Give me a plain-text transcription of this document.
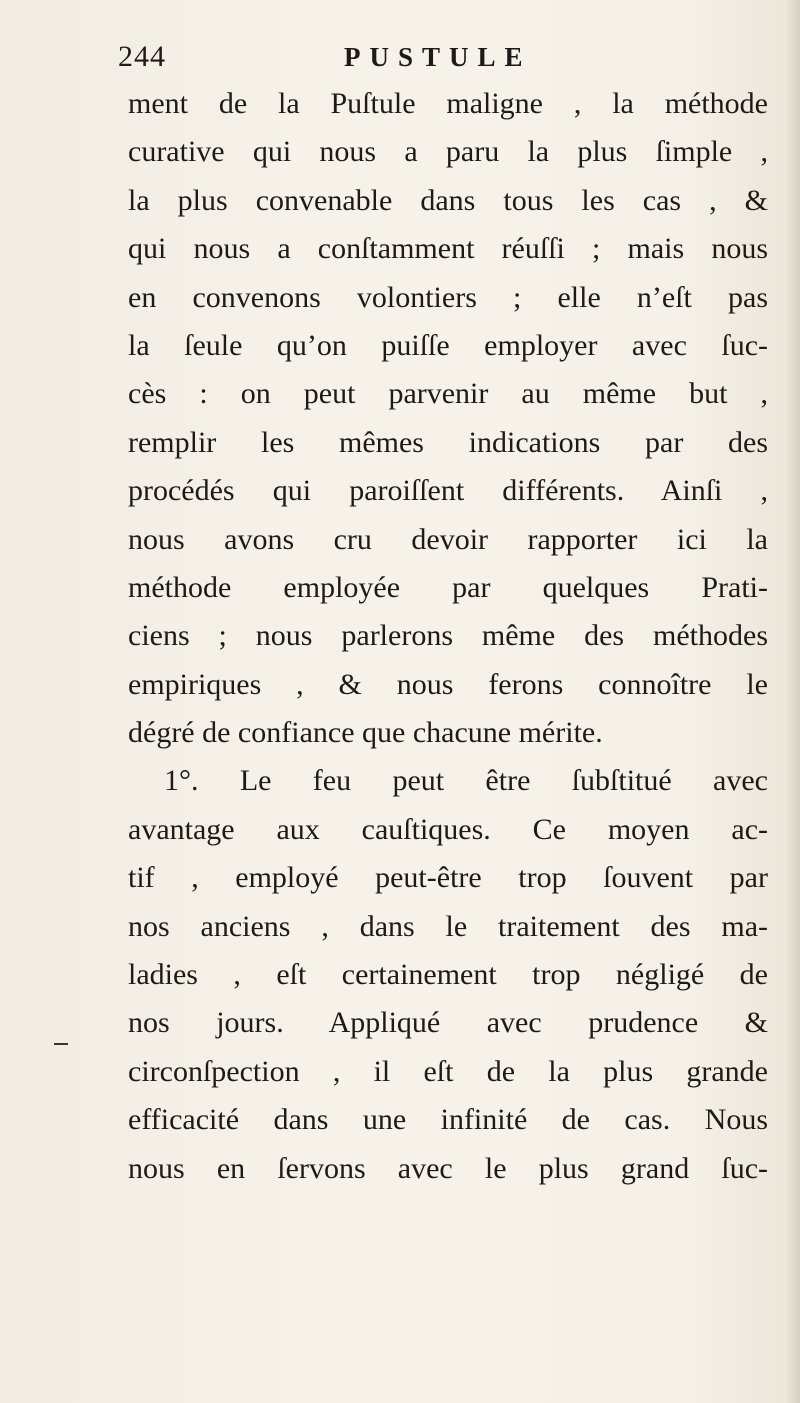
244	PUSTULE
ment de la Puſtule maligne , la méthode
curative qui nous a paru la plus ſimple ,
la plus convenable dans tous les cas , &
qui nous a conſtamment réuſſi ; mais nous
en convenons volontiers ; elle n’eſt pas
la ſeule qu’on puiſſe employer avec ſuc-
cès : on peut parvenir au même but ,
remplir les mêmes indications par des
procédés qui paroiſſent différents. Ainſi ,
nous avons cru devoir rapporter ici la
méthode employée par quelques Prati-
ciens ; nous parlerons même des méthodes
empiriques , & nous ferons connoître le
dégré de confiance que chacune mérite.
1°. Le feu peut être ſubſtitué avec
avantage aux cauſtiques. Ce moyen ac-
tif , employé peut-être trop ſouvent par
nos anciens , dans le traitement des ma-
ladies , eſt certainement trop négligé de
nos jours. Appliqué avec prudence &
circonſpection , il eſt de la plus grande
efficacité dans une infinité de cas. Nous
nous en ſervons avec le plus grand ſuc-
